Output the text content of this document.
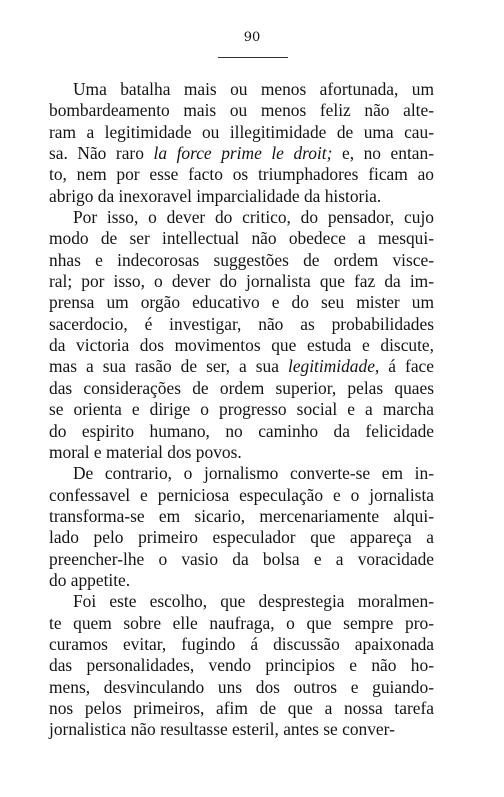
90
Uma batalha mais ou menos afortunada, um
bombardeamento mais ou menos feliz não alte-
ram a legitimidade ou illegitimidade de uma cau-
sa. Não raro la force prime le droit; e, no entan-
to, nem por esse facto os triumphadores ficam ao
abrigo da inexoravel imparcialidade da historia.
Por isso, o dever do critico, do pensador, cujo
modo de ser intellectual não obedece a mesqui-
nhas e indecorosas suggestões de ordem visce-
ral; por isso, o dever do jornalista que faz da im-
prensa um orgão educativo e do seu mister um
sacerdocio, é investigar, não as probabilidades
da victoria dos movimentos que estuda e discute,
mas a sua rasão de ser, a sua legitimidade, á face
das considerações de ordem superior, pelas quaes
se orienta e dirige o progresso social e a marcha
do espirito humano, no caminho da felicidade
moral e material dos povos.
De contrario, o jornalismo converte-se em in-
confessavel e perniciosa especulação e o jornalista
transforma-se em sicario, mercenariamente alqui-
lado pelo primeiro especulador que appareça a
preencher-lhe o vasio da bolsa e a voracidade
do appetite.
Foi este escolho, que desprestegia moralmen-
te quem sobre elle naufraga, o que sempre pro-
curamos evitar, fugindo á discussão apaixonada
das personalidades, vendo principios e não ho-
mens, desvinculando uns dos outros e guiando-
nos pelos primeiros, afim de que a nossa tarefa
jornalistica não resultasse esteril, antes se conver-
